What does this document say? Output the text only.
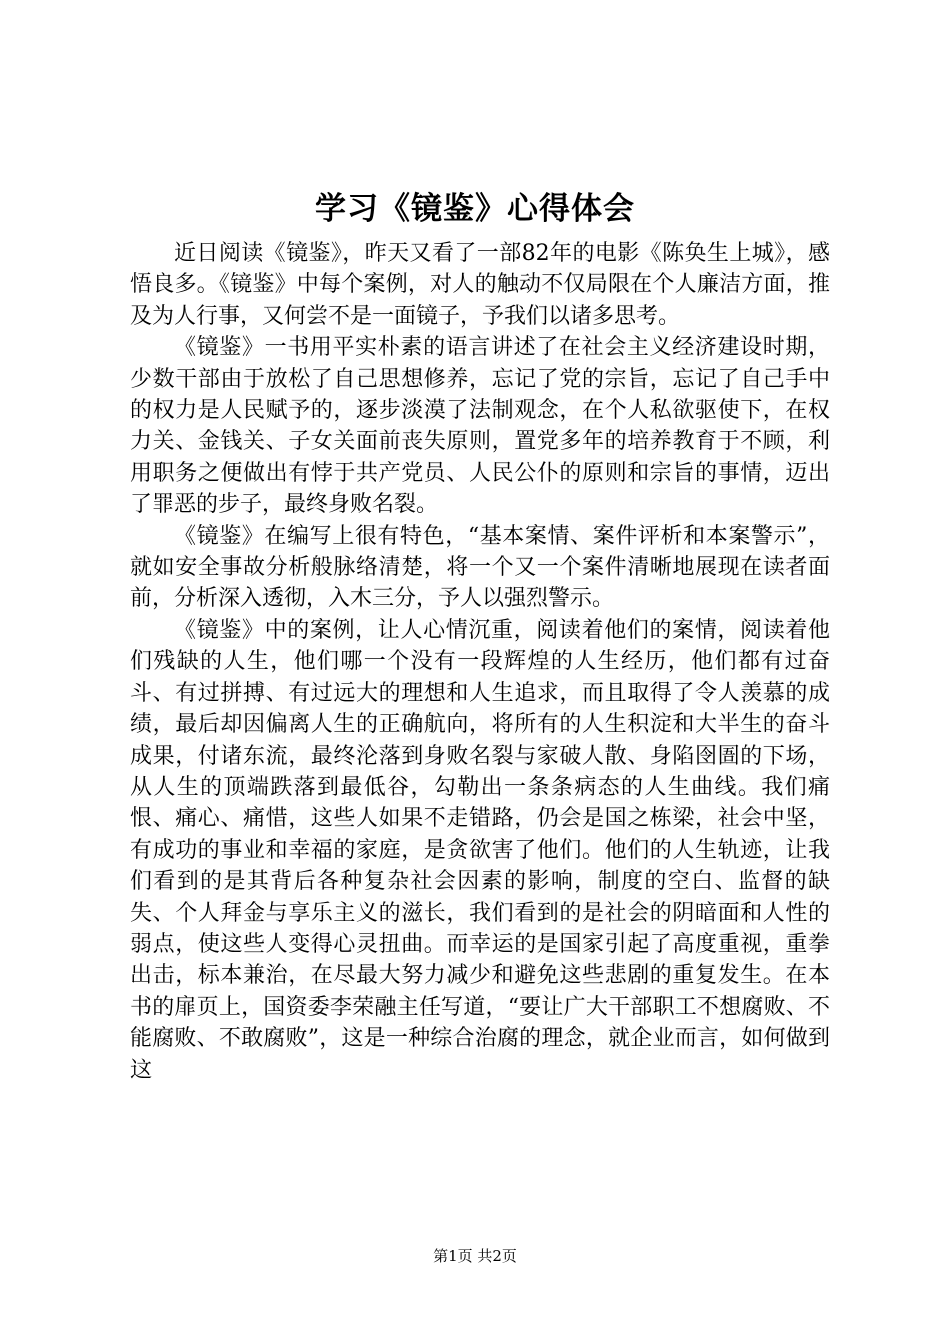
学习《镜鉴》心得体会

近日阅读《镜鉴》，昨天又看了一部82年的电影《陈奂生上城》，感悟良多。《镜鉴》中每个案例，对人的触动不仅局限在个人廉洁方面，推及为人行事，又何尝不是一面镜子，予我们以诸多思考。

《镜鉴》一书用平实朴素的语言讲述了在社会主义经济建设时期，少数干部由于放松了自己思想修养，忘记了党的宗旨，忘记了自己手中的权力是人民赋予的，逐步淡漠了法制观念，在个人私欲驱使下，在权力关、金钱关、子女关面前丧失原则，置党多年的培养教育于不顾，利用职务之便做出有悖于共产党员、人民公仆的原则和宗旨的事情，迈出了罪恶的步子，最终身败名裂。

《镜鉴》在编写上很有特色，“基本案情、案件评析和本案警示”，就如安全事故分析般脉络清楚，将一个又一个案件清晰地展现在读者面前，分析深入透彻，入木三分，予人以强烈警示。

《镜鉴》中的案例，让人心情沉重，阅读着他们的案情，阅读着他们残缺的人生，他们哪一个没有一段辉煌的人生经历，他们都有过奋斗、有过拼搏、有过远大的理想和人生追求，而且取得了令人羡慕的成绩，最后却因偏离人生的正确航向，将所有的人生积淀和大半生的奋斗成果，付诸东流，最终沦落到身败名裂与家破人散、身陷囹圄的下场，从人生的顶端跌落到最低谷，勾勒出一条条病态的人生曲线。我们痛恨、痛心、痛惜，这些人如果不走错路，仍会是国之栋梁，社会中坚，有成功的事业和幸福的家庭，是贪欲害了他们。他们的人生轨迹，让我们看到的是其背后各种复杂社会因素的影响，制度的空白、监督的缺失、个人拜金与享乐主义的滋长，我们看到的是社会的阴暗面和人性的弱点，使这些人变得心灵扭曲。而幸运的是国家引起了高度重视，重拳出击，标本兼治，在尽最大努力减少和避免这些悲剧的重复发生。在本书的扉页上，国资委李荣融主任写道，“要让广大干部职工不想腐败、不能腐败、不敢腐败”，这是一种综合治腐的理念，就企业而言，如何做到这

第1页 共2页
